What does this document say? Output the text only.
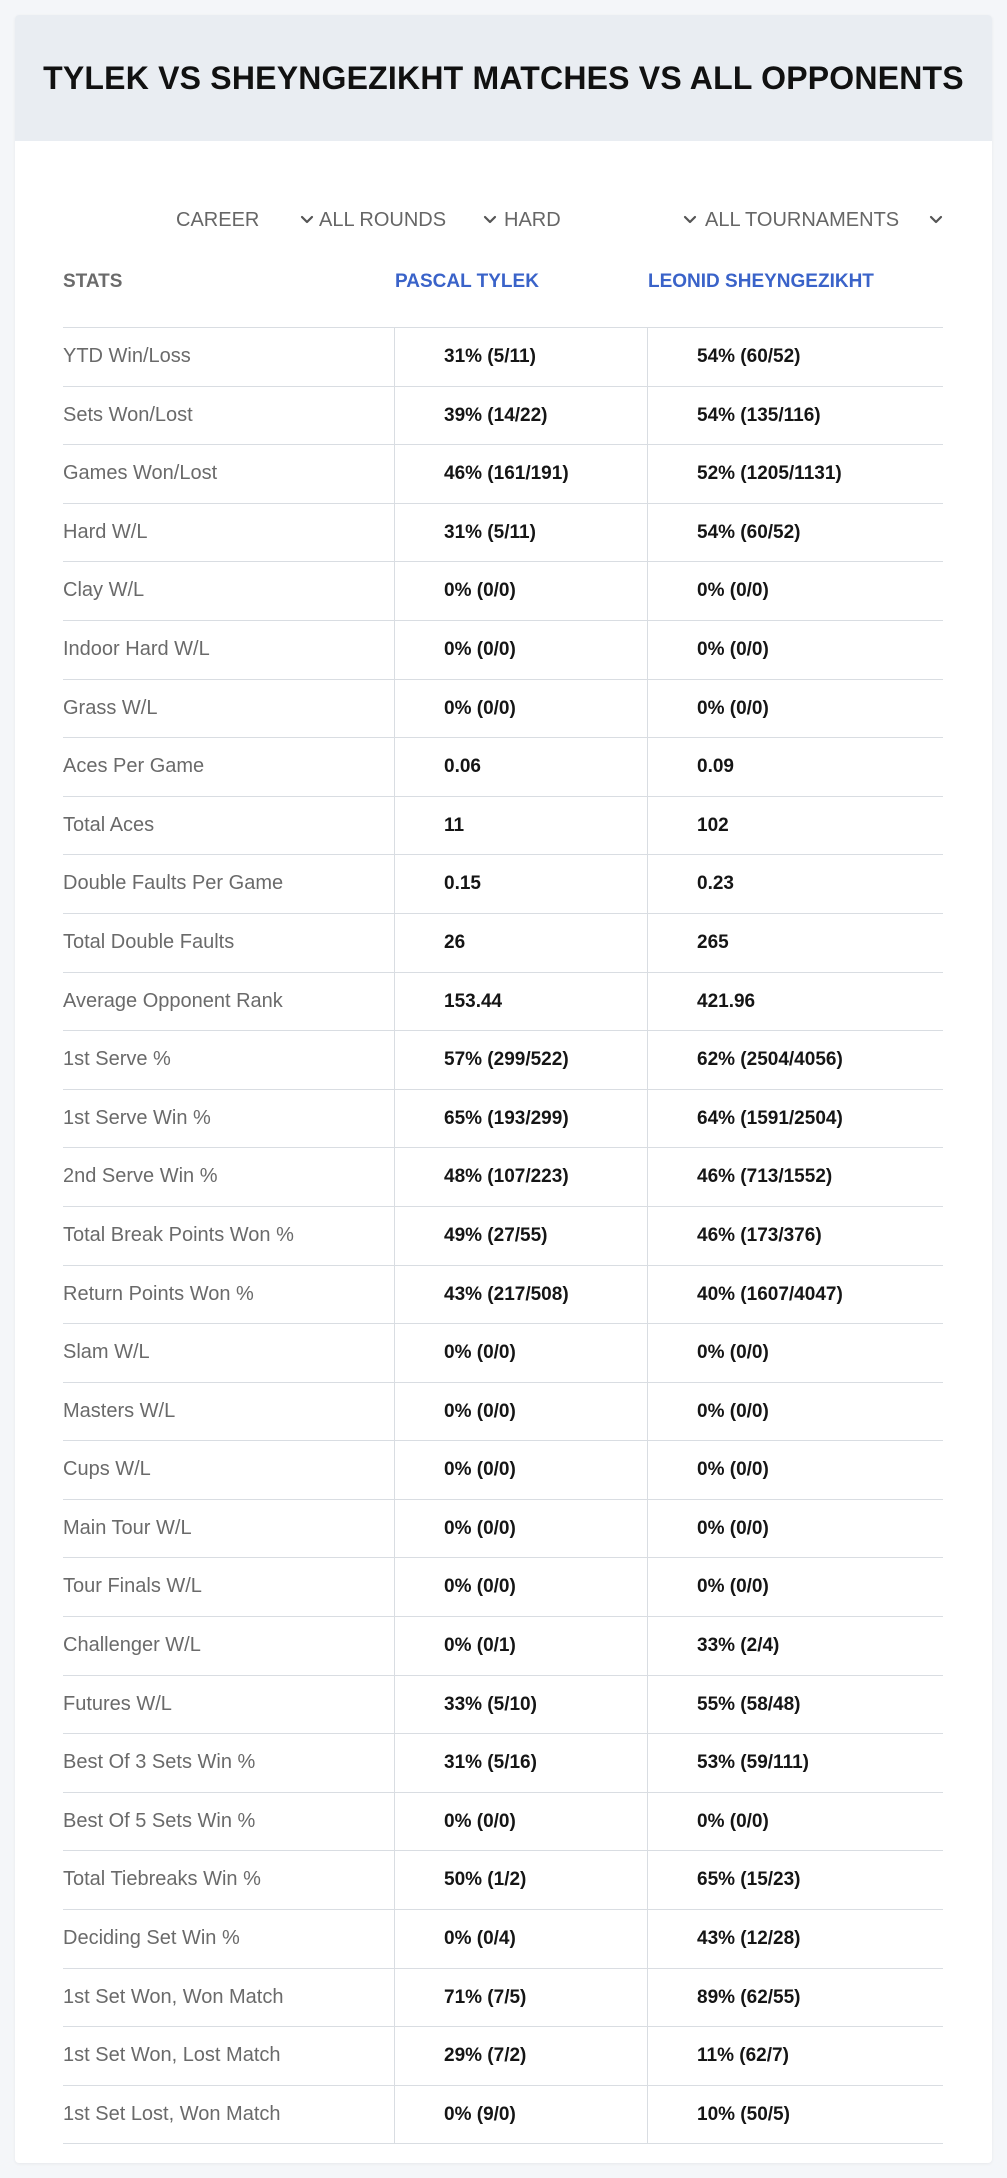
TYLEK VS SHEYNGEZIKHT MATCHES VS ALL OPPONENTS
CAREER	ALL ROUNDS	HARD	ALL TOURNAMENTS
STATS	PASCAL TYLEK	LEONID SHEYNGEZIKHT
YTD Win/Loss	31% (5/11)	54% (60/52)
Sets Won/Lost	39% (14/22)	54% (135/116)
Games Won/Lost	46% (161/191)	52% (1205/1131)
Hard W/L	31% (5/11)	54% (60/52)
Clay W/L	0% (0/0)	0% (0/0)
Indoor Hard W/L	0% (0/0)	0% (0/0)
Grass W/L	0% (0/0)	0% (0/0)
Aces Per Game	0.06	0.09
Total Aces	11	102
Double Faults Per Game	0.15	0.23
Total Double Faults	26	265
Average Opponent Rank	153.44	421.96
1st Serve %	57% (299/522)	62% (2504/4056)
1st Serve Win %	65% (193/299)	64% (1591/2504)
2nd Serve Win %	48% (107/223)	46% (713/1552)
Total Break Points Won %	49% (27/55)	46% (173/376)
Return Points Won %	43% (217/508)	40% (1607/4047)
Slam W/L	0% (0/0)	0% (0/0)
Masters W/L	0% (0/0)	0% (0/0)
Cups W/L	0% (0/0)	0% (0/0)
Main Tour W/L	0% (0/0)	0% (0/0)
Tour Finals W/L	0% (0/0)	0% (0/0)
Challenger W/L	0% (0/1)	33% (2/4)
Futures W/L	33% (5/10)	55% (58/48)
Best Of 3 Sets Win %	31% (5/16)	53% (59/111)
Best Of 5 Sets Win %	0% (0/0)	0% (0/0)
Total Tiebreaks Win %	50% (1/2)	65% (15/23)
Deciding Set Win %	0% (0/4)	43% (12/28)
1st Set Won, Won Match	71% (7/5)	89% (62/55)
1st Set Won, Lost Match	29% (7/2)	11% (62/7)
1st Set Lost, Won Match	0% (9/0)	10% (50/5)
